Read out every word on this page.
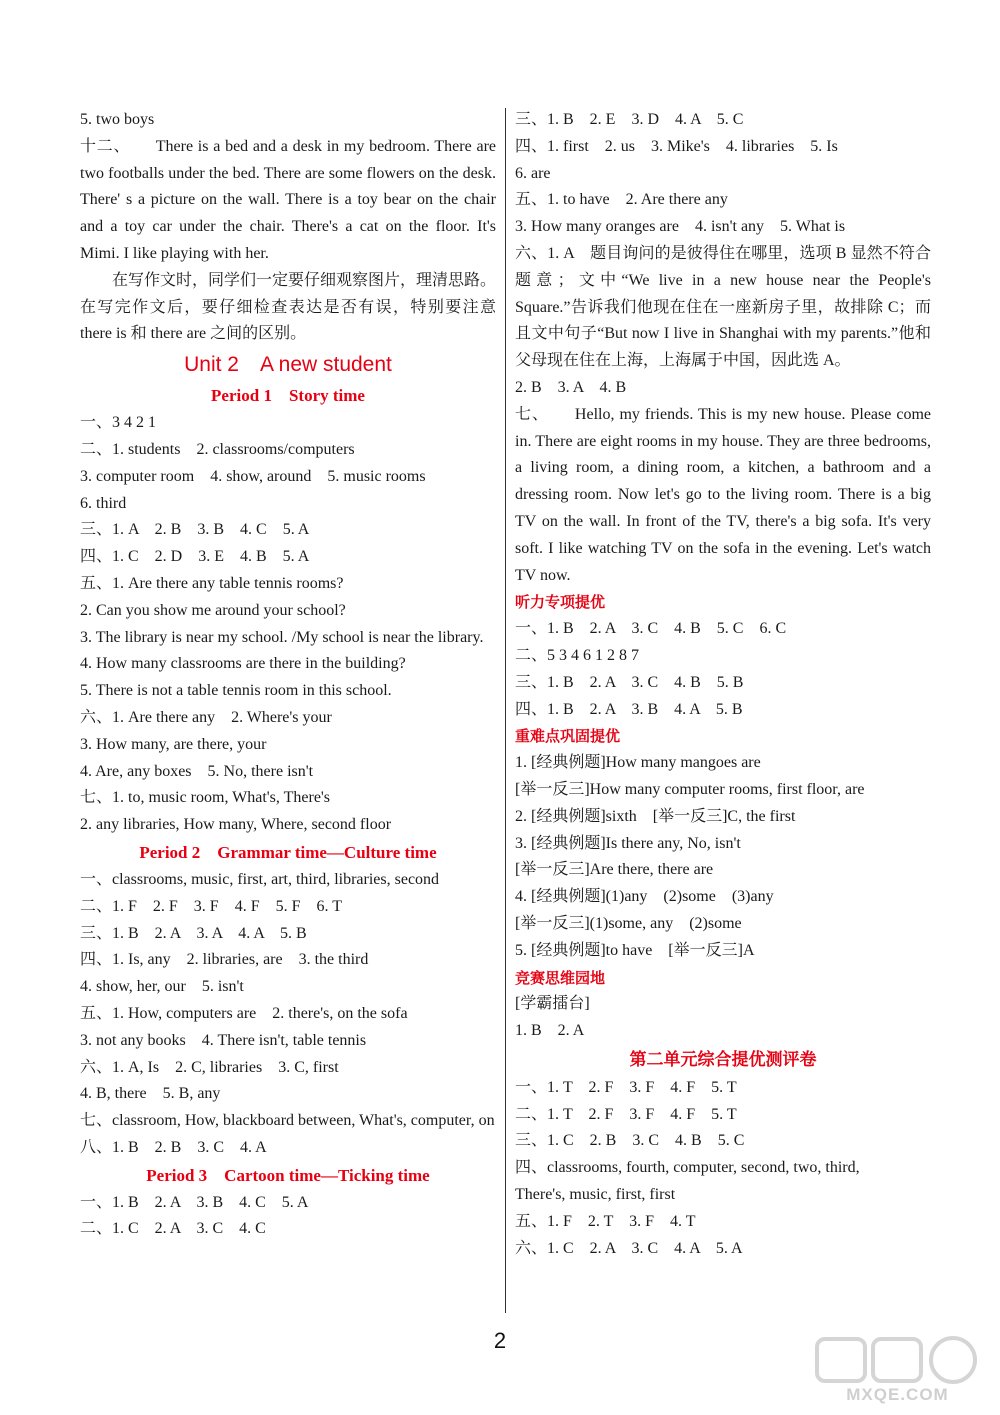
5. two boys
十二、　　There is a bed and a desk in my bedroom. There are two footballs under the bed. There are some flowers on the desk. There' s a picture on the wall. There is a toy bear on the chair and a toy car under the chair. There's a cat on the floor. It's Mimi. I like playing with her.
在写作文时，同学们一定要仔细观察图片，理清思路。在写完作文后，要仔细检查表达是否有误，特别要注意 there is 和 there are 之间的区别。
Unit 2　A new student
Period 1　Story time
一、3 4 2 1
二、1. students　2. classrooms/computers
3. computer room　4. show, around　5. music rooms
6. third
三、1. A　2. B　3. B　4. C　5. A
四、1. C　2. D　3. E　4. B　5. A
五、1. Are there any table tennis rooms?
2. Can you show me around your school?
3. The library is near my school. /My school is near the library.
4. How many classrooms are there in the building?
5. There is not a table tennis room in this school.
六、1. Are there any　2. Where's your
3. How many, are there, your
4. Are, any boxes　5. No, there isn't
七、1. to, music room, What's, There's
2. any libraries, How many, Where, second floor
Period 2　Grammar time—Culture time
一、classrooms, music, first, art, third, libraries, second
二、1. F　2. F　3. F　4. F　5. F　6. T
三、1. B　2. A　3. A　4. A　5. B
四、1. Is, any　2. libraries, are　3. the third
4. show, her, our　5. isn't
五、1. How, computers are　2. there's, on the sofa
3. not any books　4. There isn't, table tennis
六、1. A, Is　2. C, libraries　3. C, first
4. B, there　5. B, any
七、classroom, How, blackboard between, What's, computer, on
八、1. B　2. B　3. C　4. A
Period 3　Cartoon time—Ticking time
一、1. B　2. A　3. B　4. C　5. A
二、1. C　2. A　3. C　4. C
三、1. B　2. E　3. D　4. A　5. C
四、1. first　2. us　3. Mike's　4. libraries　5. Is
6. are
五、1. to have　2. Are there any
3. How many oranges are　4. isn't any　5. What is
六、1. A　题目询问的是彼得住在哪里，选项 B 显然不符合题意；文中“We live in a new house near the People's Square.”告诉我们他现在住在一座新房子里，故排除 C；而且文中句子“But now I live in Shanghai with my parents.”他和父母现在住在上海，上海属于中国，因此选 A。
2. B　3. A　4. B
七、　　Hello, my friends. This is my new house. Please come in. There are eight rooms in my house. They are three bedrooms, a living room, a dining room, a kitchen, a bathroom and a dressing room. Now let's go to the living room. There is a big TV on the wall. In front of the TV, there's a big sofa. It's very soft. I like watching TV on the sofa in the evening. Let's watch TV now.
听力专项提优
一、1. B　2. A　3. C　4. B　5. C　6. C
二、5 3 4 6 1 2 8 7
三、1. B　2. A　3. C　4. B　5. B
四、1. B　2. A　3. B　4. A　5. B
重难点巩固提优
1. [经典例题]How many mangoes are
[举一反三]How many computer rooms, first floor, are
2. [经典例题]sixth　[举一反三]C, the first
3. [经典例题]Is there any, No, isn't
[举一反三]Are there, there are
4. [经典例题](1)any　(2)some　(3)any
[举一反三](1)some, any　(2)some
5. [经典例题]to have　[举一反三]A
竞赛思维园地
[学霸擂台]
1. B　2. A
第二单元综合提优测评卷
一、1. T　2. F　3. F　4. F　5. T
二、1. T　2. F　3. F　4. F　5. T
三、1. C　2. B　3. C　4. B　5. C
四、classrooms, fourth, computer, second, two, third,
There's, music, first, first
五、1. F　2. T　3. F　4. T
六、1. C　2. A　3. C　4. A　5. A
2
MXQE.COM
